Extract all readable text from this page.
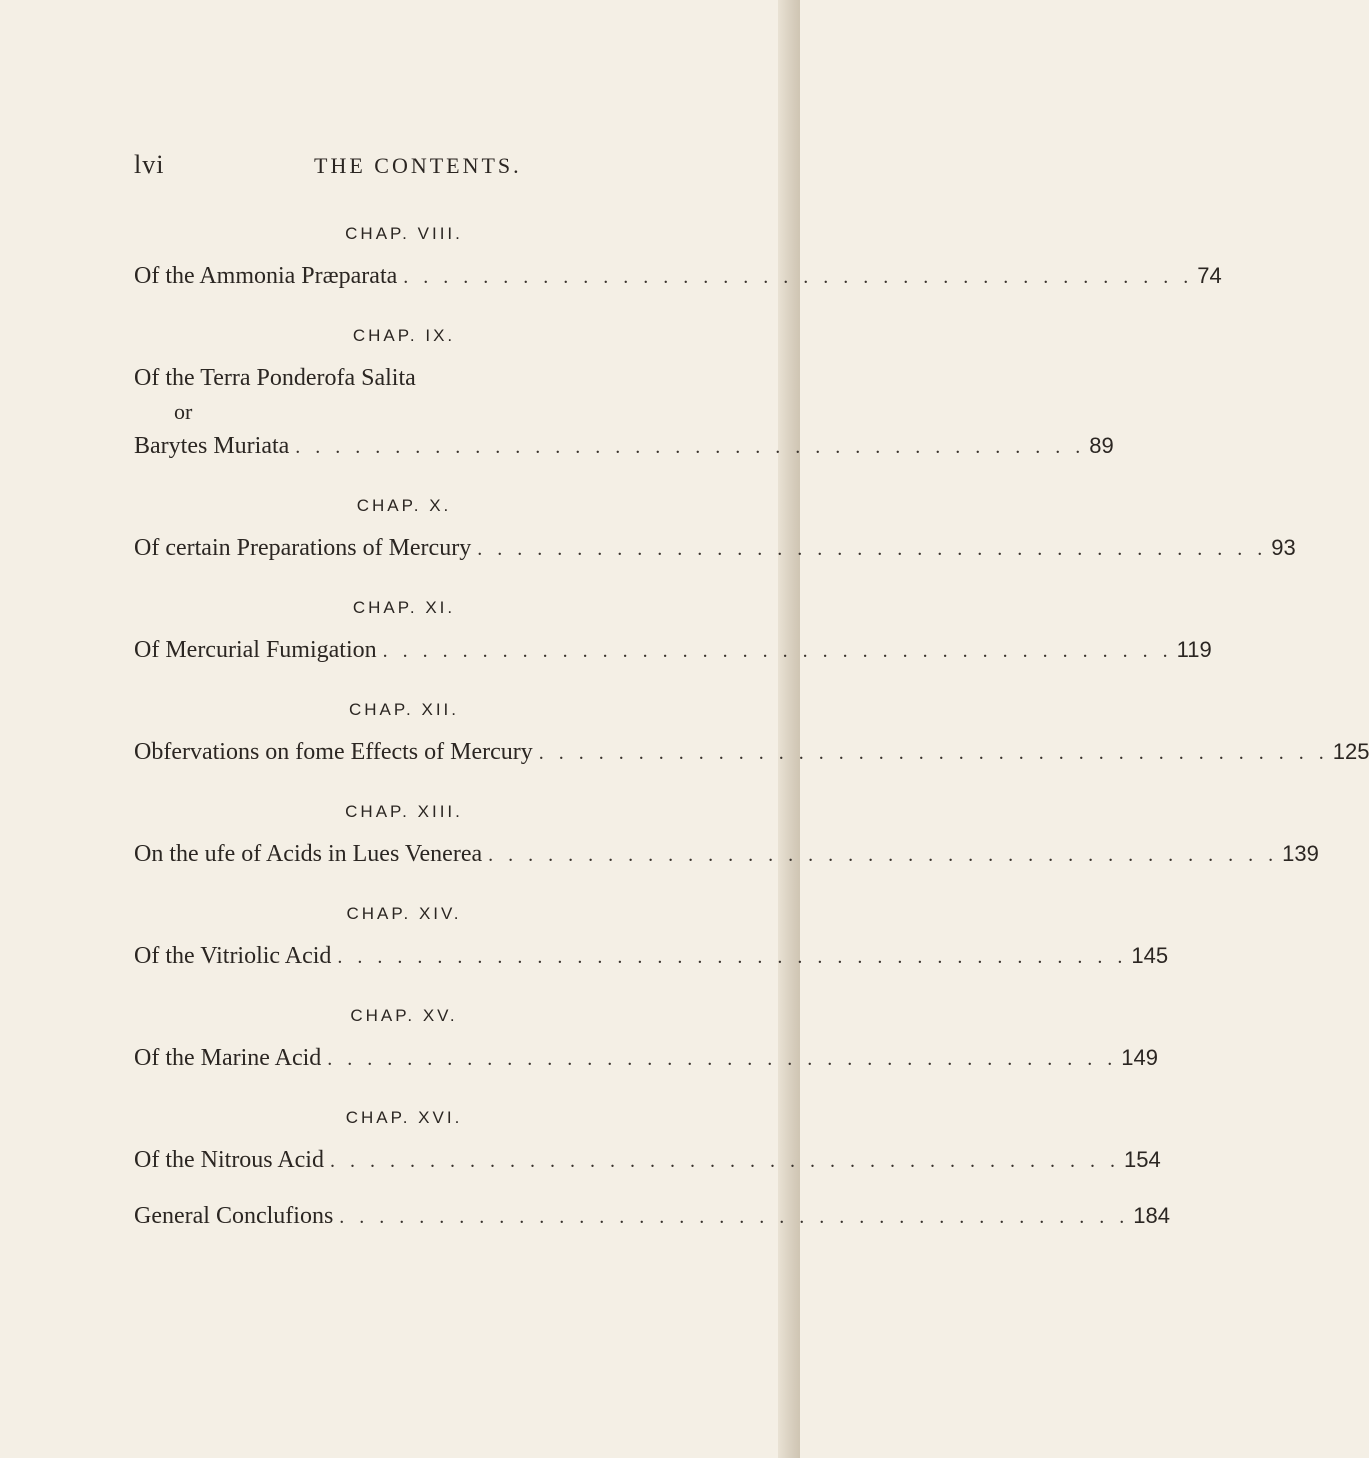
lvi	THE CONTENTS.
CHAP. VIII.
Of the Ammonia Præparata . . . . . . . . . . . . . . . . . . . . . . . . . . . . . . . . . . . . . . . . 74
CHAP. IX.
Of the Terra Ponderofa Salita
or
Barytes Muriata . . . . . . . . . . . . . . . . . . . . . . . . . . . . . . . . . . . . . . . . 89
CHAP. X.
Of certain Preparations of Mercury . . . . . . . . . . . . . . . . . . . . . . . . . . . . . . . . . . . . . . . . 93
CHAP. XI.
Of Mercurial Fumigation . . . . . . . . . . . . . . . . . . . . . . . . . . . . . . . . . . . . . . . . 119
CHAP. XII.
Obfervations on fome Effects of Mercury . . . . . . . . . . . . . . . . . . . . . . . . . . . . . . . . . . . . . . . . 125
CHAP. XIII.
On the ufe of Acids in Lues Venerea . . . . . . . . . . . . . . . . . . . . . . . . . . . . . . . . . . . . . . . . 139
CHAP. XIV.
Of the Vitriolic Acid . . . . . . . . . . . . . . . . . . . . . . . . . . . . . . . . . . . . . . . . 145
CHAP. XV.
Of the Marine Acid . . . . . . . . . . . . . . . . . . . . . . . . . . . . . . . . . . . . . . . . 149
CHAP. XVI.
Of the Nitrous Acid . . . . . . . . . . . . . . . . . . . . . . . . . . . . . . . . . . . . . . . . 154
General Conclufions . . . . . . . . . . . . . . . . . . . . . . . . . . . . . . . . . . . . . . . . 184
